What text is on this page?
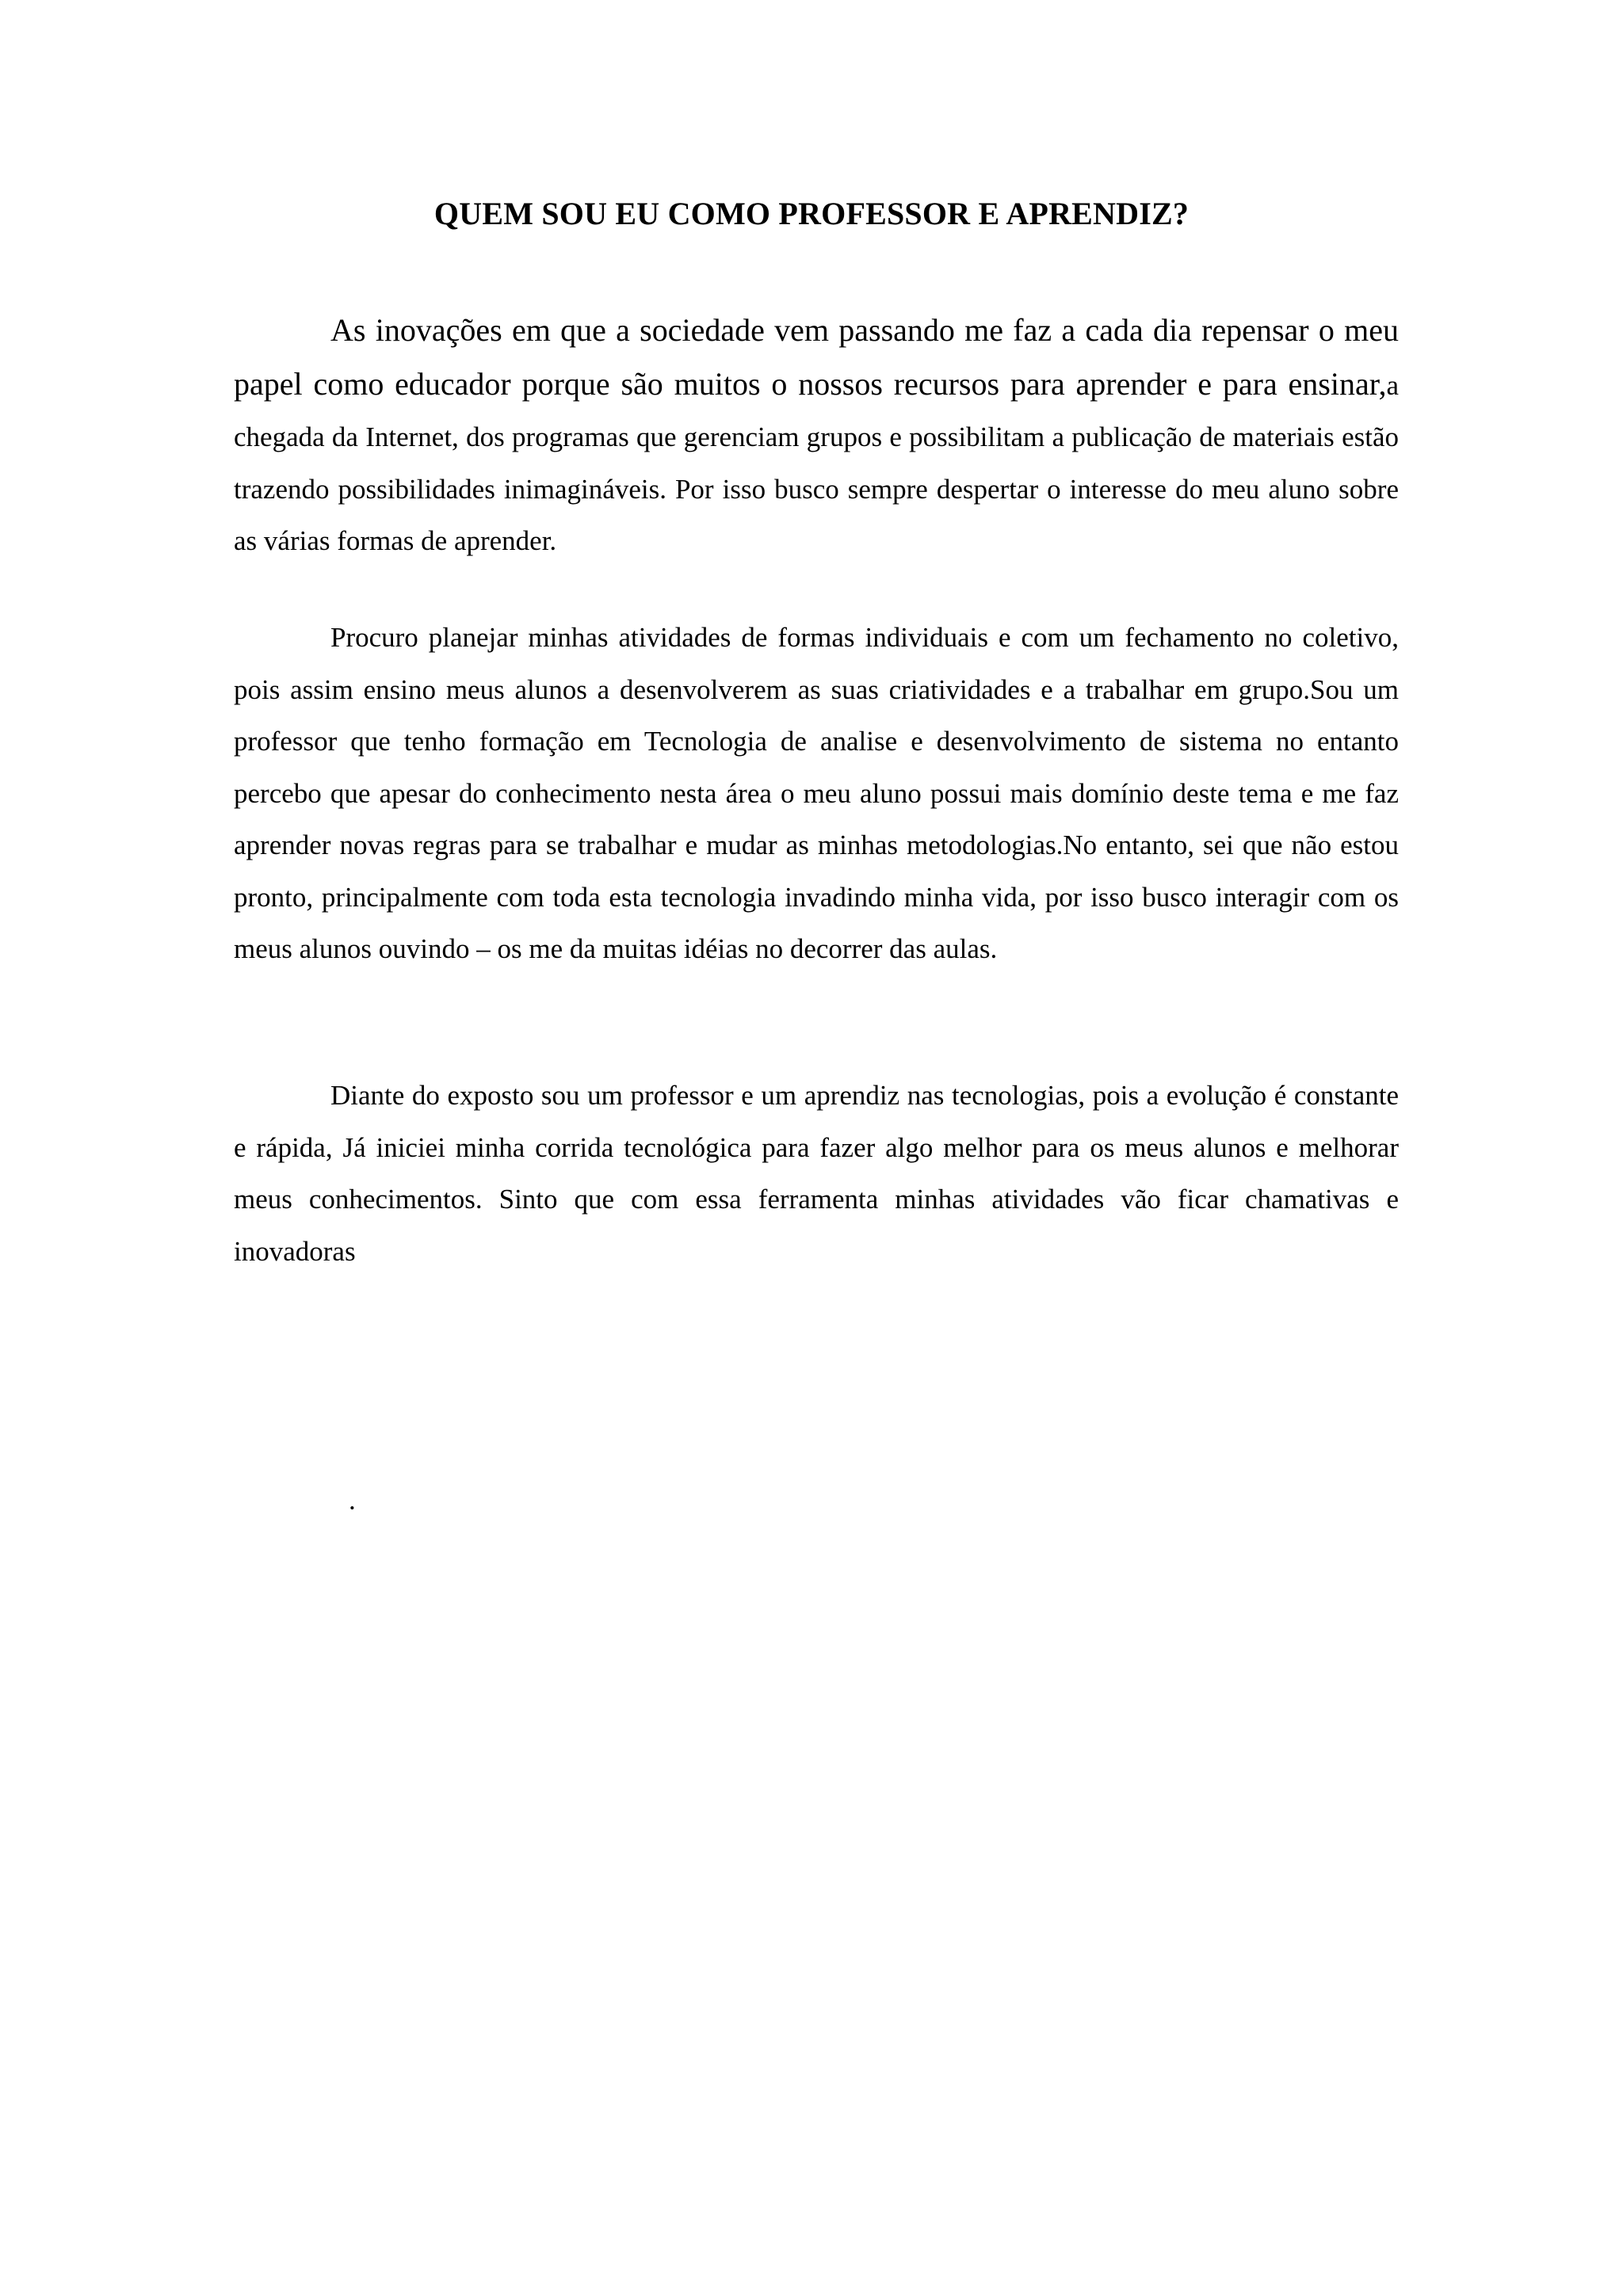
QUEM SOU EU COMO PROFESSOR E APRENDIZ?

As inovações em que a sociedade vem passando me faz a cada dia repensar o meu papel como educador porque são muitos o nossos recursos para aprender e para ensinar,a chegada da Internet, dos programas que gerenciam grupos e possibilitam a publicação de materiais estão trazendo possibilidades inimagináveis. Por isso busco sempre despertar o interesse do meu aluno sobre as várias formas de aprender.

Procuro planejar minhas atividades de formas individuais e com um fechamento no coletivo, pois assim ensino meus alunos a desenvolverem as suas criatividades e a trabalhar em grupo.Sou um professor que tenho formação em Tecnologia de analise e desenvolvimento de sistema no entanto percebo que apesar do conhecimento nesta área o meu aluno possui mais domínio deste tema e me faz aprender novas regras para se trabalhar e mudar as minhas metodologias.No entanto, sei que não estou pronto, principalmente com toda esta tecnologia invadindo minha vida, por isso busco interagir com os meus alunos ouvindo – os me da muitas idéias no decorrer das aulas.

Diante do exposto sou um professor e um aprendiz nas tecnologias, pois a evolução é constante e rápida, Já iniciei minha corrida tecnológica para fazer algo melhor para os meus alunos e melhorar meus conhecimentos. Sinto que com essa ferramenta minhas atividades vão ficar chamativas e inovadoras

.
